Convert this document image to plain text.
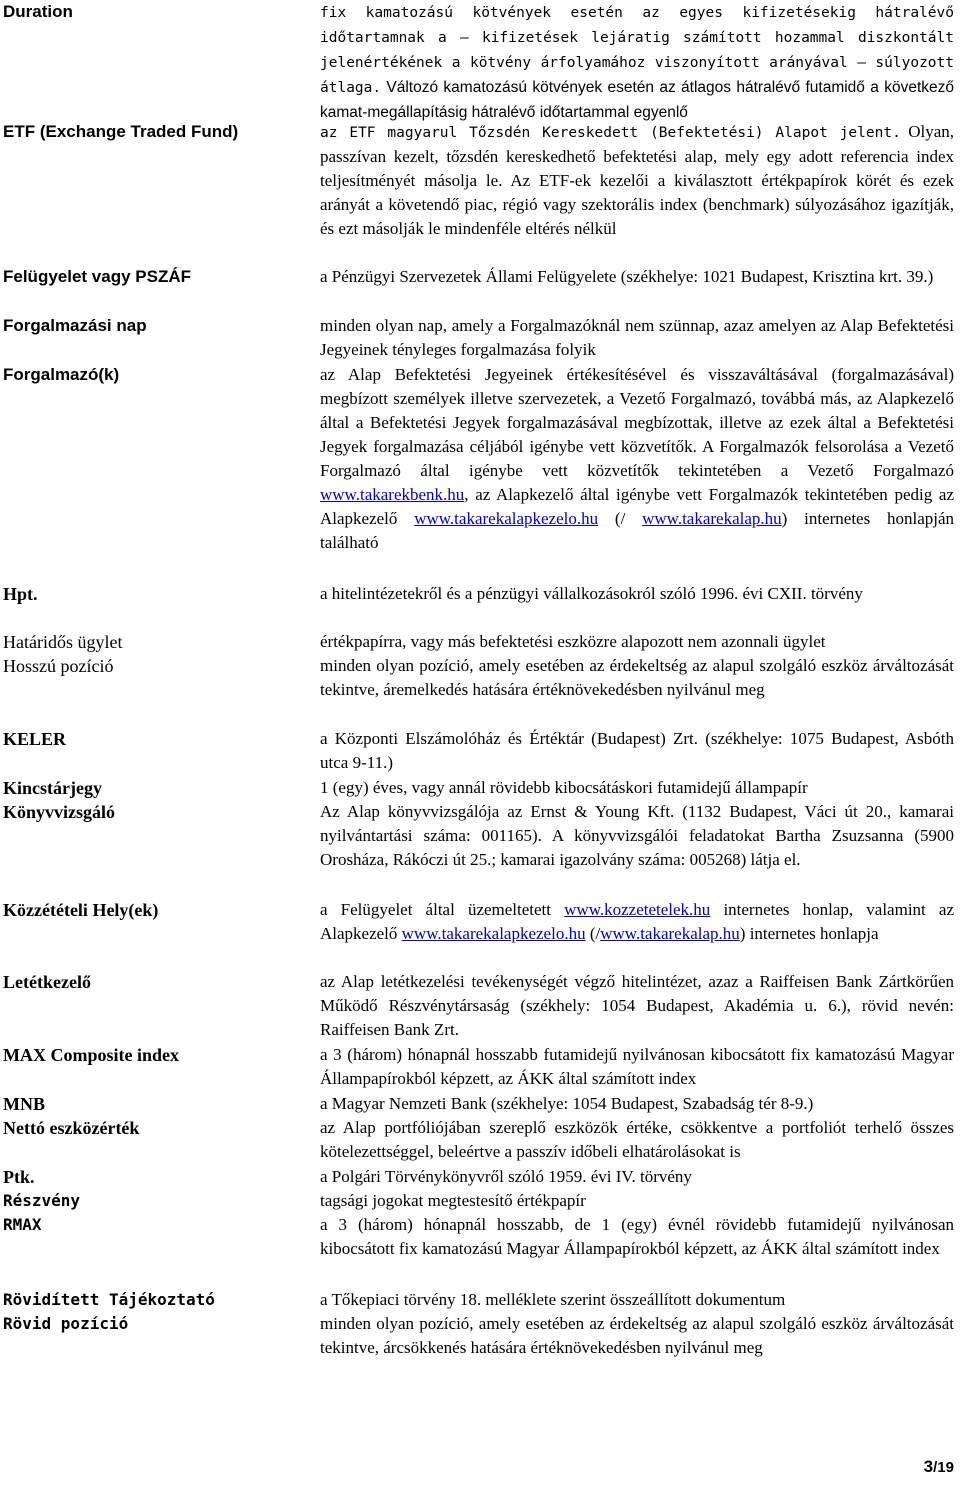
Duration	fix kamatozású kötvények esetén az egyes kifizetésekig hátralévő időtartamnak a – kifizetések lejáratig számított hozammal diszkontált jelenértékének a kötvény árfolyamához viszonyított arányával – súlyozott átlaga. Változó kamatozású kötvények esetén az átlagos hátralévő futamidő a következő kamat-megállapításig hátralévő időtartammal egyenlő
ETF (Exchange Traded Fund)	az ETF magyarul Tőzsdén Kereskedett (Befektetési) Alapot jelent. Olyan, passzívan kezelt, tőzsdén kereskedhető befektetési alap, mely egy adott referencia index teljesítményét másolja le. Az ETF-ek kezelői a kiválasztott értékpapírok körét és ezek arányát a követendő piac, régió vagy szektorális index (benchmark) súlyozásához igazítják, és ezt másolják le mindenféle eltérés nélkül
Felügyelet vagy PSZÁF	a Pénzügyi Szervezetek Állami Felügyelete (székhelye: 1021 Budapest, Krisztina krt. 39.)
Forgalmazási nap	minden olyan nap, amely a Forgalmazóknál nem szünnap, azaz amelyen az Alap Befektetési Jegyeinek tényleges forgalmazása folyik
Forgalmazó(k)	az Alap Befektetési Jegyeinek értékesítésével és visszaváltásával (forgalmazásával) megbízott személyek illetve szervezetek, a Vezető Forgalmazó, továbbá más, az Alapkezelő által a Befektetési Jegyek forgalmazásával megbízottak, illetve az ezek által a Befektetési Jegyek forgalmazása céljából igénybe vett közvetítők. A Forgalmazók felsorolása a Vezető Forgalmazó által igénybe vett közvetítők tekintetében a Vezető Forgalmazó www.takarekbenk.hu, az Alapkezelő által igénybe vett Forgalmazók tekintetében pedig az Alapkezelő www.takarekalapkezelo.hu (/ www.takarekalap.hu) internetes honlapján található
Hpt.	a hitelintézetekről és a pénzügyi vállalkozásokról szóló 1996. évi CXII. törvény
Határidős ügylet	értékpapírra, vagy más befektetési eszközre alapozott nem azonnali ügylet
Hosszú pozíció	minden olyan pozíció, amely esetében az érdekeltség az alapul szolgáló eszköz árváltozását tekintve, áremelkedés hatására értéknövekedésben nyilvánul meg
KELER	a Központi Elszámolóház és Értéktár (Budapest) Zrt. (székhelye: 1075 Budapest, Asbóth utca 9-11.)
Kincstárjegy	1 (egy) éves, vagy annál rövidebb kibocsátáskori futamidejű állampapír
Könyvvizsgáló	Az Alap könyvvizsgálója az Ernst & Young Kft. (1132 Budapest, Váci út 20., kamarai nyilvántartási száma: 001165). A könyvvizsgálói feladatokat Bartha Zsuzsanna (5900 Orosháza, Rákóczi út 25.; kamarai igazolvány száma: 005268) látja el.
Közzétételi Hely(ek)	a Felügyelet által üzemeltetett www.kozzetetelek.hu internetes honlap, valamint az Alapkezelő www.takarekalapkezelo.hu (/www.takarekalap.hu) internetes honlapja
Letétkezelő	az Alap letétkezelési tevékenységét végző hitelintézet, azaz a Raiffeisen Bank Zártkörűen Működő Részvénytársaság (székhely: 1054 Budapest, Akadémia u. 6.), rövid nevén: Raiffeisen Bank Zrt.
MAX Composite index	a 3 (három) hónapnál hosszabb futamidejű nyilvánosan kibocsátott fix kamatozású Magyar Állampapírokból képzett, az ÁKK által számított index
MNB	a Magyar Nemzeti Bank (székhelye: 1054 Budapest, Szabadság tér 8-9.)
Nettó eszközérték	az Alap portfóliójában szereplő eszközök értéke, csökkentve a portfoliót terhelő összes kötelezettséggel, beleértve a passzív időbeli elhatárolásokat is
Ptk.	a Polgári Törvénykönyvről szóló 1959. évi IV. törvény
Részvény	tagsági jogokat megtestesítő értékpapír
RMAX	a 3 (három) hónapnál hosszabb, de 1 (egy) évnél rövidebb futamidejű nyilvánosan kibocsátott fix kamatozású Magyar Állampapírokból képzett, az ÁKK által számított index
Rövidített Tájékoztató	a Tőkepiaci törvény 18. melléklete szerint összeállított dokumentum
Rövid pozíció	minden olyan pozíció, amely esetében az érdekeltség az alapul szolgáló eszköz árváltozását tekintve, árcsökkenés hatására értéknövekedésben nyilvánul meg
3/19
